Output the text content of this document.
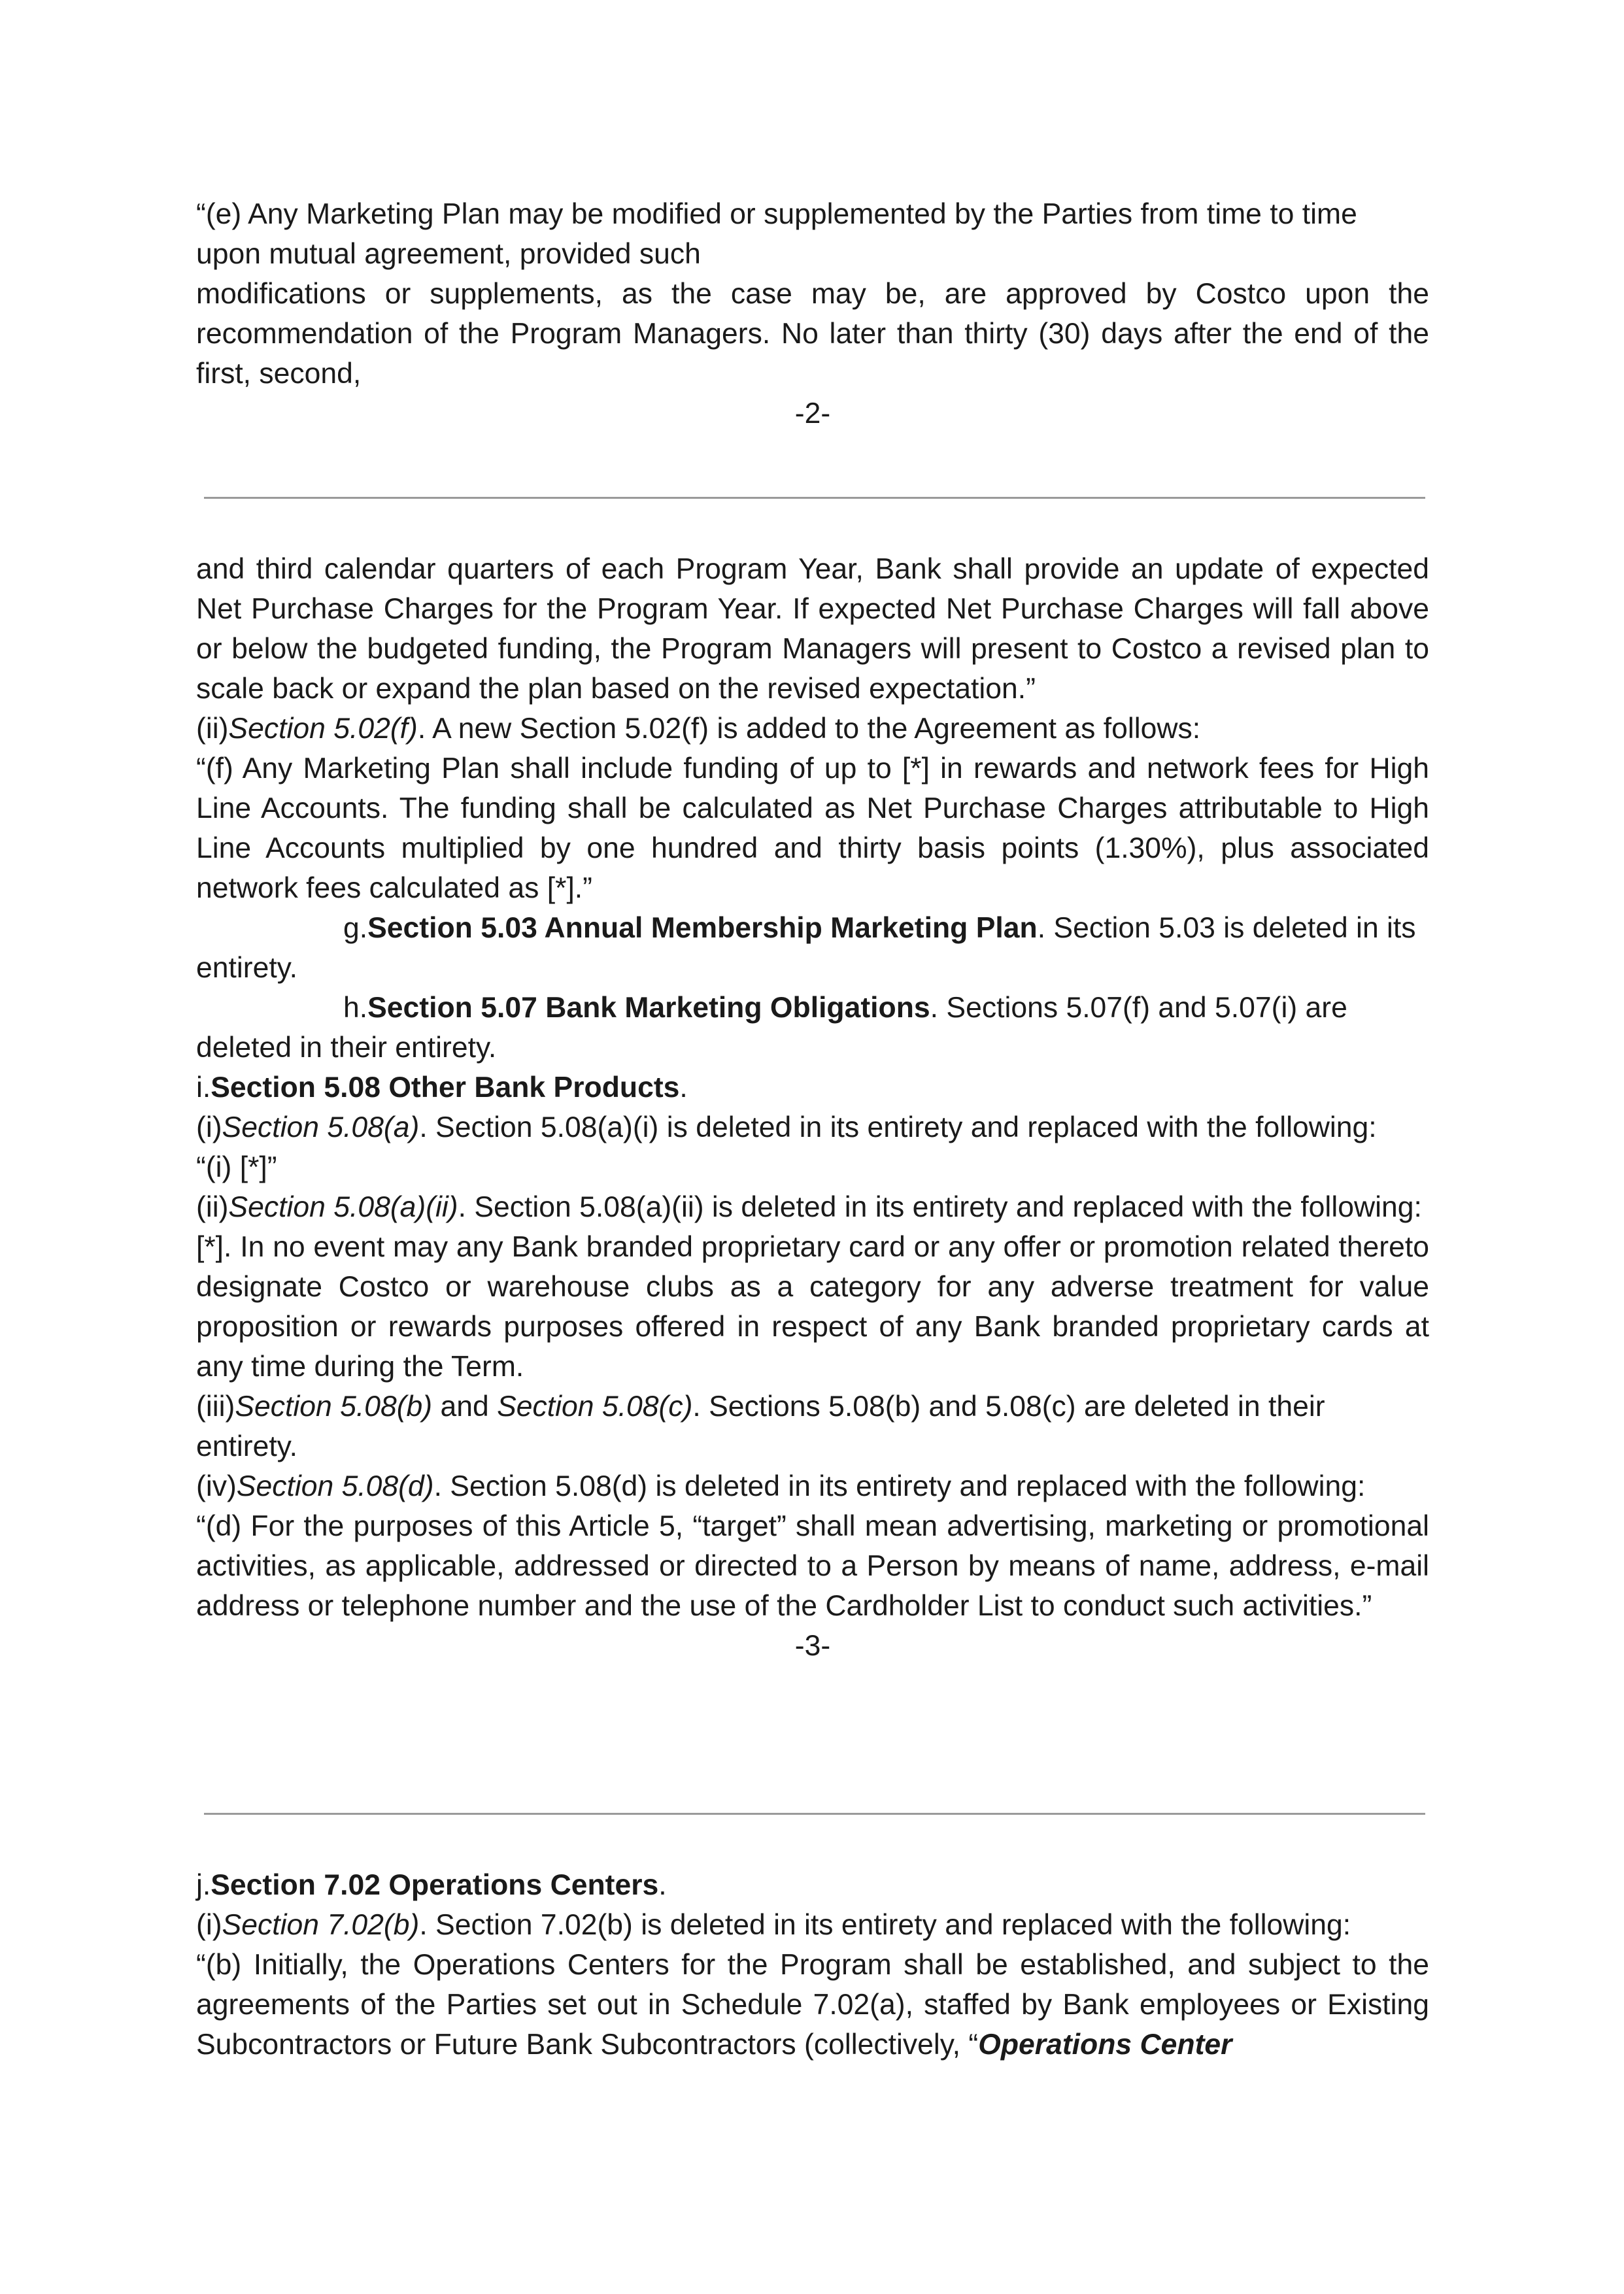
“(e) Any Marketing Plan may be modified or supplemented by the Parties from time to time
upon mutual agreement, provided such

modifications or supplements, as the case may be, are approved by Costco upon the recommendation of the Program Managers. No later than thirty (30) days after the end of the first, second,

-2-

and third calendar quarters of each Program Year, Bank shall provide an update of expected Net Purchase Charges for the Program Year. If expected Net Purchase Charges will fall above or below the budgeted funding, the Program Managers will present to Costco a revised plan to scale back or expand the plan based on the revised expectation.”

(ii)Section 5.02(f). A new Section 5.02(f) is added to the Agreement as follows:

“(f) Any Marketing Plan shall include funding of up to [*] in rewards and network fees for High Line Accounts. The funding shall be calculated as Net Purchase Charges attributable to High Line Accounts multiplied by one hundred and thirty basis points (1.30%), plus associated network fees calculated as [*].”

g.Section 5.03 Annual Membership Marketing Plan. Section 5.03 is deleted in its entirety.

h.Section 5.07 Bank Marketing Obligations. Sections 5.07(f) and 5.07(i) are deleted in their entirety.

i.Section 5.08 Other Bank Products.

(i)Section 5.08(a). Section 5.08(a)(i) is deleted in its entirety and replaced with the following:

“(i) [*]”

(ii)Section 5.08(a)(ii). Section 5.08(a)(ii) is deleted in its entirety and replaced with the following:

[*]. In no event may any Bank branded proprietary card or any offer or promotion related thereto designate Costco or warehouse clubs as a category for any adverse treatment for value proposition or rewards purposes offered in respect of any Bank branded proprietary cards at any time during the Term.

(iii)Section 5.08(b) and Section 5.08(c). Sections 5.08(b) and 5.08(c) are deleted in their entirety.

(iv)Section 5.08(d). Section 5.08(d) is deleted in its entirety and replaced with the following:

“(d) For the purposes of this Article 5, “target” shall mean advertising, marketing or promotional activities, as applicable, addressed or directed to a Person by means of name, address, e-mail address or telephone number and the use of the Cardholder List to conduct such activities.”

-3-

j.Section 7.02 Operations Centers.

(i)Section 7.02(b). Section 7.02(b) is deleted in its entirety and replaced with the following:

“(b) Initially, the Operations Centers for the Program shall be established, and subject to the agreements of the Parties set out in Schedule 7.02(a), staffed by Bank employees or Existing Subcontractors or Future Bank Subcontractors (collectively, “Operations Center
